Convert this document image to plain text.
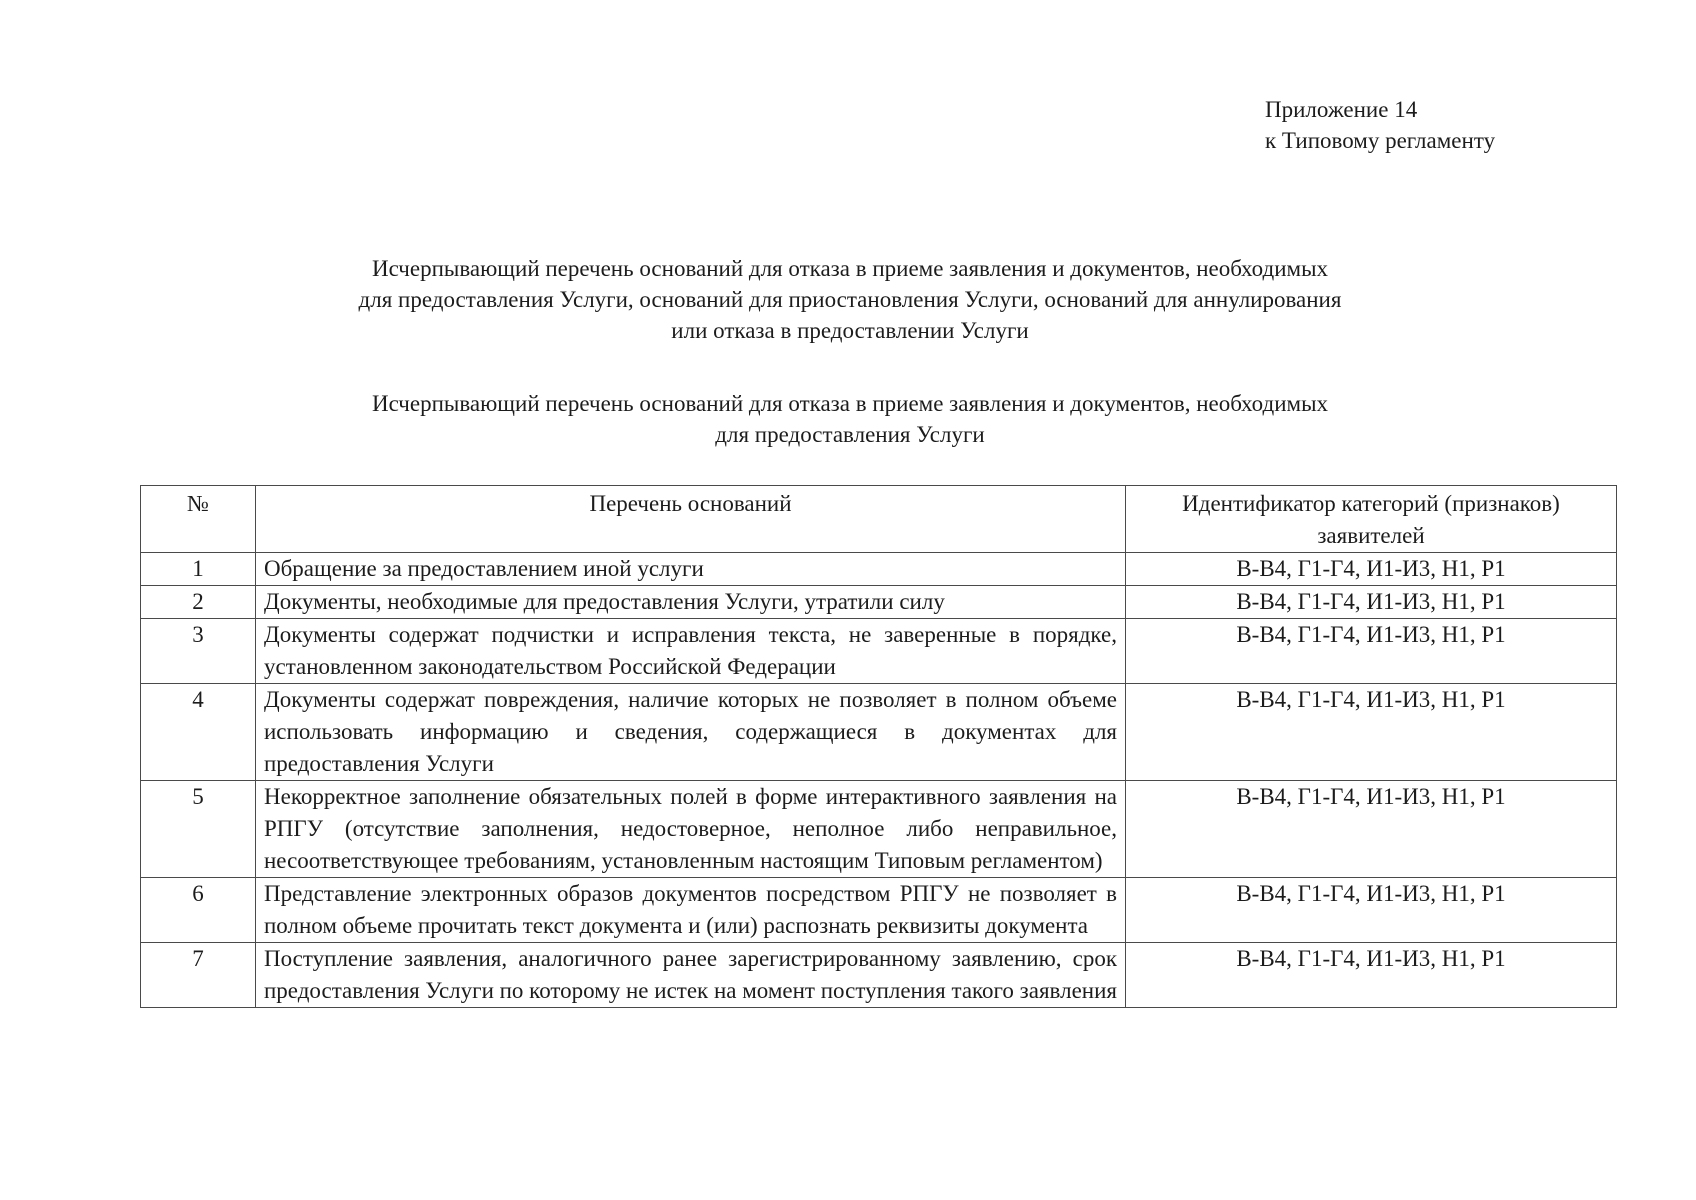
Приложение 14
к Типовому регламенту
Исчерпывающий перечень оснований для отказа в приеме заявления и документов, необходимых
для предоставления Услуги, оснований для приостановления Услуги, оснований для аннулирования
или отказа в предоставлении Услуги
Исчерпывающий перечень оснований для отказа в приеме заявления и документов, необходимых
для предоставления Услуги
№	Перечень оснований	Идентификатор категорий (признаков) заявителей
1	Обращение за предоставлением иной услуги	В-В4, Г1-Г4, И1-И3, Н1, Р1
2	Документы, необходимые для предоставления Услуги, утратили силу	В-В4, Г1-Г4, И1-И3, Н1, Р1
3	Документы содержат подчистки и исправления текста, не заверенные в порядке, установленном законодательством Российской Федерации	В-В4, Г1-Г4, И1-И3, Н1, Р1
4	Документы содержат повреждения, наличие которых не позволяет в полном объеме использовать информацию и сведения, содержащиеся в документах для предоставления Услуги	В-В4, Г1-Г4, И1-И3, Н1, Р1
5	Некорректное заполнение обязательных полей в форме интерактивного заявления на РПГУ (отсутствие заполнения, недостоверное, неполное либо неправильное, несоответствующее требованиям, установленным настоящим Типовым регламентом)	В-В4, Г1-Г4, И1-И3, Н1, Р1
6	Представление электронных образов документов посредством РПГУ не позволяет в полном объеме прочитать текст документа и (или) распознать реквизиты документа	В-В4, Г1-Г4, И1-И3, Н1, Р1
7	Поступление заявления, аналогичного ранее зарегистрированному заявлению, срок предоставления Услуги по которому не истек на момент поступления такого заявления	В-В4, Г1-Г4, И1-И3, Н1, Р1
